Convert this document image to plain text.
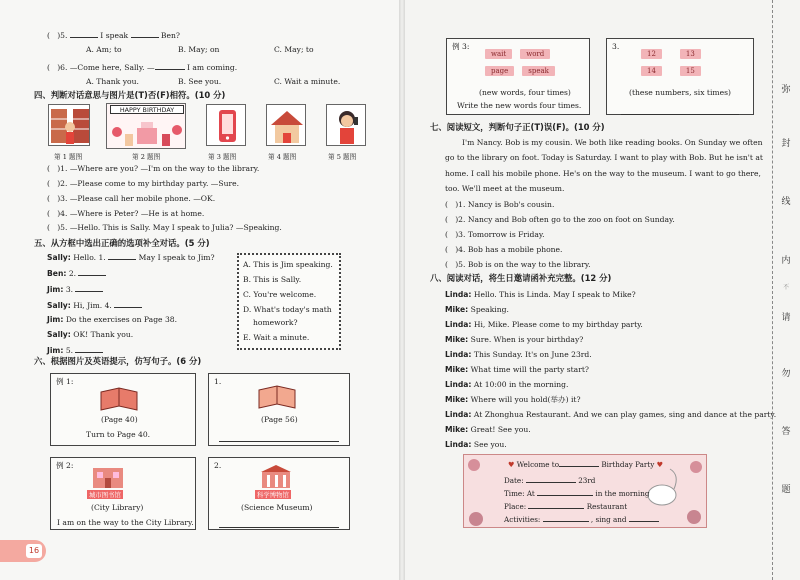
(   )5.	I speak	Ben?
A. Am; to	B. May; on	C. May; to
(   )6. —Come here, Sally. —	I am coming.
A. Thank you.	B. See you.	C. Wait a minute.
四、判断对话意思与图片是(T)否(F)相符。(10 分)
HAPPY BIRTHDAY
第 1 题图	第 2 题图	第 3 题图	第 4 题图	第 5 题图
(   )1. —Where are you? —I'm on the way to the library.
(   )2. —Please come to my birthday party. —Sure.
(   )3. —Please call her mobile phone. —OK.
(   )4. —Where is Peter? —He is at home.
(   )5. —Hello. This is Sally. May I speak to Julia? —Speaking.
五、从方框中选出正确的选项补全对话。(5 分)
Sally: Hello. 1.	May I speak to Jim?
Ben: 2.
Jim: 3.
Sally: Hi, Jim. 4.
Jim: Do the exercises on Page 38.
Sally: OK! Thank you.
Jim: 5.
A. This is Jim speaking.
B. This is Sally.
C. You're welcome.
D. What's today's math
homework?
E. Wait a minute.
六、根据图片及英语提示，仿写句子。(6 分)
例 1:
(Page 40)
Turn to Page 40.
1.
(Page 56)
例 2:
城市图书馆
(City Library)
I am on the way to the City Library.
2.
科学博物馆
(Science Museum)
16
例 3:
wait	word
page	speak
(new words, four times)
Write the new words four times.
3.
12	13
14	15
(these numbers, six times)
七、阅读短文，判断句子正(T)误(F)。(10 分)
I'm Nancy. Bob is my cousin. We both like reading books. On Sunday we often
go to the library on foot. Today is Saturday. I want to play with Bob. But he isn't at
home. I call his mobile phone. He's on the way to the museum. I want to go there,
too. We'll meet at the museum.
(   )1. Nancy is Bob's cousin.
(   )2. Nancy and Bob often go to the zoo on foot on Sunday.
(   )3. Tomorrow is Friday.
(   )4. Bob has a mobile phone.
(   )5. Bob is on the way to the library.
八、阅读对话，将生日邀请函补充完整。(12 分)
Linda: Hello. This is Linda. May I speak to Mike?
Mike: Speaking.
Linda: Hi, Mike. Please come to my birthday party.
Mike: Sure. When is your birthday?
Linda: This Sunday. It's on June 23rd.
Mike: What time will the party start?
Linda: At 10:00 in the morning.
Mike: Where will you hold(举办) it?
Linda: At Zhonghua Restaurant. And we can play games, sing and dance at the party.
Mike: Great! See you.
Linda: See you.
♥ Welcome to	Birthday Party ♥
Date:	23rd
Time: At	in the morning
Place:	Restaurant
Activities:	, sing and
弥
封
线
内
不
请
勿
答
题
